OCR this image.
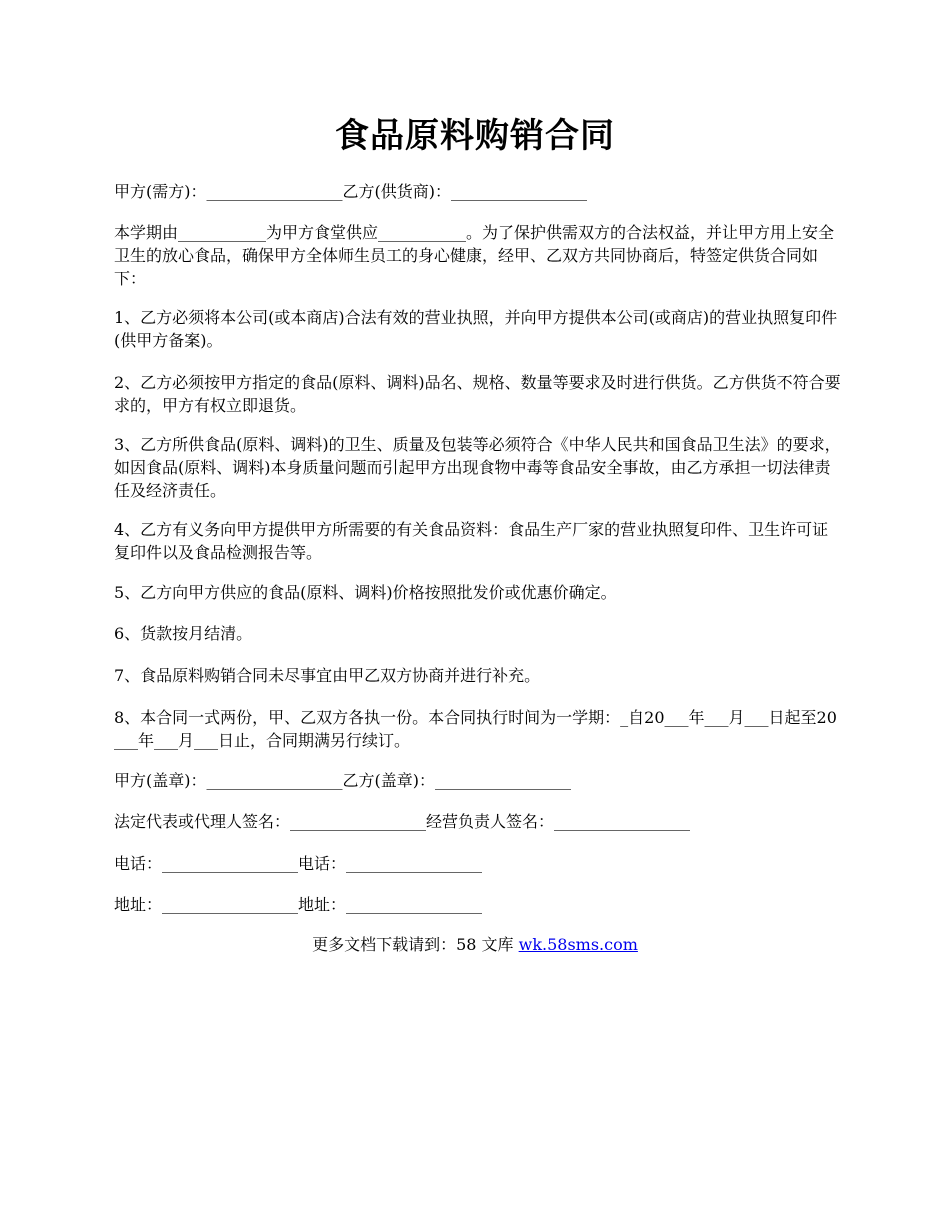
食品原料购销合同

甲方(需方)：_________________乙方(供货商)：_________________

本学期由___________为甲方食堂供应___________。为了保护供需双方的合法权益，并让甲方用上安全卫生的放心食品，确保甲方全体师生员工的身心健康，经甲、乙双方共同协商后，特签定供货合同如下：

1、乙方必须将本公司(或本商店)合法有效的营业执照，并向甲方提供本公司(或商店)的营业执照复印件(供甲方备案)。

2、乙方必须按甲方指定的食品(原料、调料)品名、规格、数量等要求及时进行供货。乙方供货不符合要求的，甲方有权立即退货。

3、乙方所供食品(原料、调料)的卫生、质量及包装等必须符合《中华人民共和国食品卫生法》的要求，如因食品(原料、调料)本身质量问题而引起甲方出现食物中毒等食品安全事故，由乙方承担一切法律责任及经济责任。

4、乙方有义务向甲方提供甲方所需要的有关食品资料：食品生产厂家的营业执照复印件、卫生许可证复印件以及食品检测报告等。

5、乙方向甲方供应的食品(原料、调料)价格按照批发价或优惠价确定。

6、货款按月结清。

7、食品原料购销合同未尽事宜由甲乙双方协商并进行补充。

8、本合同一式两份，甲、乙双方各执一份。本合同执行时间为一学期：_自20___年___月___日起至20___年___月___日止，合同期满另行续订。

甲方(盖章)：_________________乙方(盖章)：_________________

法定代表或代理人签名：_________________经营负责人签名：_________________

电话：_________________电话：_________________

地址：_________________地址：_________________

更多文档下载请到：58 文库 wk.58sms.com
